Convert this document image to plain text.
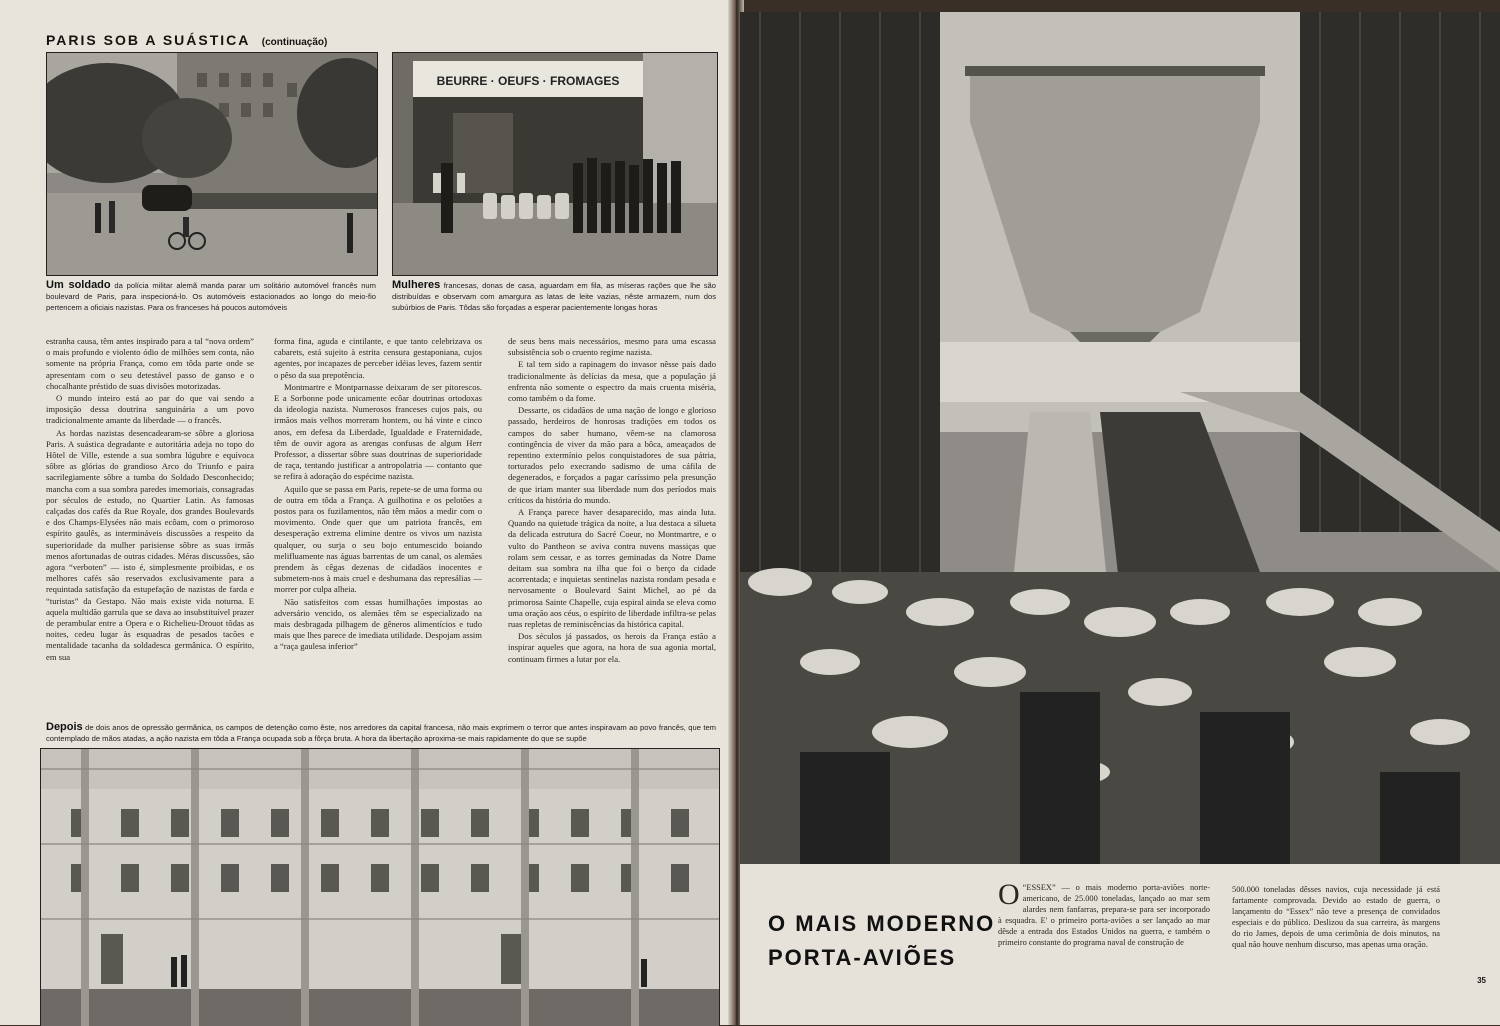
PARIS SOB A SUÁSTICA (continuação)
BEURRE · OEUFS · FROMAGES
Um soldado da polícia militar alemã manda parar um solitário automóvel francês num boulevard de Paris, para inspecioná-lo. Os automóveis estacionados ao longo do meio-fio pertencem a oficiais nazistas. Para os franceses há poucos automóveis
Mulheres francesas, donas de casa, aguardam em fila, as míseras rações que lhe são distribuídas e observam com amargura as latas de leite vazias, nêste armazem, num dos subúrbios de Paris. Tôdas são forçadas a esperar pacientemente longas horas

estranha causa, têm antes inspirado para a tal “nova ordem” o mais profundo e violento ódio de milhões sem conta, não somente na própria França, como em tôda parte onde se apresentam com o seu detestável passo de ganso e o chocalhante préstido de suas divisões motorizadas.

O mundo inteiro está ao par do que vai sendo a imposição dessa doutrina sanguinária a um povo tradicionalmente amante da liberdade — o francês.

As hordas nazistas desencadearam-se sôbre a gloriosa Paris. A suástica degradante e autoritária adeja no topo do Hôtel de Ville, estende a sua sombra lúgubre e equívoca sôbre as glórias do grandioso Arco do Triunfo e paira sacrilegiamente sôbre a tumba do Soldado Desconhecido; mancha com a sua sombra paredes imemoriais, consagradas por séculos de estudo, no Quartier Latin. As famosas calçadas dos cafés da Rue Royale, dos grandes Boulevards e dos Champs-Elysées não mais ecôam, com o primoroso espírito gaulês, as intermináveis discussões a respeito da superioridade da mulher parisiense sôbre as suas irmãs menos afortunadas de outras cidades. Méras discussões, são agora “verboten” — isto é, simplesmente proibidas, e os melhores cafés são reservados exclusivamente para a requintada satisfação da estupefação de nazistas de farda e “turistas” da Gestapo. Não mais existe vida noturna. E aquela multidão garrula que se dava ao insubstituível prazer de perambular entre a Opera e o Richelieu-Drouot tôdas as noites, cedeu lugar às esquadras de pesados tacões e mentalidade tacanha da soldadesca germânica. O espírito, em sua

forma fina, aguda e cintilante, e que tanto celebrizava os cabarets, está sujeito à estrita censura gestaponiana, cujos agentes, por incapazes de perceber idéias leves, fazem sentir o pêso da sua prepotência.

Montmartre e Montparnasse deixaram de ser pitorescos. E a Sorbonne pode unicamente ecôar doutrinas ortodoxas da ideologia nazista. Numerosos franceses cujos pais, ou irmãos mais velhos morreram hontem, ou há vinte e cinco anos, em defesa da Liberdade, Igualdade e Fraternidade, têm de ouvir agora as arengas confusas de algum Herr Professor, a dissertar sôbre suas doutrinas de superioridade de raça, tentando justificar a antropolatria — contanto que se refira à adoração do espécime nazista.

Aquilo que se passa em Paris, repete-se de uma forma ou de outra em tôda a França. A guilhotina e os pelotões a postos para os fuzilamentos, não têm mãos a medir com o movimento. Onde quer que um patriota francês, em desesperação extrema elimine dentre os vivos um nazista qualquer, ou surja o seu bojo entumescido boiando melifluamente nas águas barrentas de um canal, os alemães prendem às cêgas dezenas de cidadãos inocentes e submetem-nos à mais cruel e deshumana das represálias — morrer por culpa alheia.

Não satisfeitos com essas humilhações impostas ao adversário vencido, os alemães têm se especializado na mais desbragada pilhagem de gêneros alimentícios e tudo mais que lhes parece de imediata utilidade. Despojam assim a “raça gaulesa inferior”

de seus bens mais necessários, mesmo para uma escassa subsistência sob o cruento regime nazista.

E tal tem sido a rapinagem do invasor nêsse país dado tradicionalmente às delícias da mesa, que a população já enfrenta não somente o espectro da mais cruenta miséria, como também o da fome.

Dessarte, os cidadãos de uma nação de longo e glorioso passado, herdeiros de honrosas tradições em todos os campos do saber humano, vêem-se na clamorosa contingência de viver da mão para a bôca, ameaçados de repentino extermínio pelos conquistadores de sua pátria, torturados pelo execrando sadismo de uma cáfila de degenerados, e forçados a pagar caríssimo pela presunção de que iriam manter sua liberdade num dos períodos mais críticos da história do mundo.

A França parece haver desaparecido, mas ainda luta. Quando na quietude trágica da noite, a lua destaca a silueta da delicada estrutura do Sacré Coeur, no Montmartre, e o vulto do Pantheon se aviva contra nuvens massiças que rolam sem cessar, e as torres geminadas da Notre Dame deitam sua sombra na ilha que foi o berço da cidade acorrentada; e inquietas sentinelas nazista rondam pesada e nervosamente o Boulevard Saint Michel, ao pé da primorosa Sainte Chapelle, cuja espiral ainda se eleva como uma oração aos céus, o espírito de liberdade infiltra-se pelas ruas repletas de reminiscências da histórica capital.

Dos séculos já passados, os herois da França estão a inspirar aqueles que agora, na hora de sua agonia mortal, continuam firmes a lutar por ela.

Depois de dois anos de opressão germânica, os campos de detenção como êste, nos arredores da capital francesa, não mais exprimem o terror que antes inspiravam ao povo francês, que tem contemplado de mãos atadas, a ação nazista em tôda a França ocupada sob a fôrça bruta. A hora da libertação aproxima-se mais rapidamente do que se supõe
O MAIS MODERNO
PORTA-AVIÕES
O “ESSEX” — o mais moderno porta-aviões norte-americano, de 25.000 toneladas, lançado ao mar sem alardes nem fanfarras, prepara-se para ser incorporado à esquadra. E' o primeiro porta-aviões a ser lançado ao mar dêsde a entrada dos Estados Unidos na guerra, e também o primeiro constante do programa naval de construção de
500.000 toneladas dêsses navios, cuja necessidade já está fartamente comprovada. Devido ao estado de guerra, o lançamento do “Essex” não teve a presença de convidados especiais e do público. Deslizou da sua carreira, às margens do rio James, depois de uma cerimônia de dois minutos, na qual não houve nenhum discurso, mas apenas uma oração.
35
